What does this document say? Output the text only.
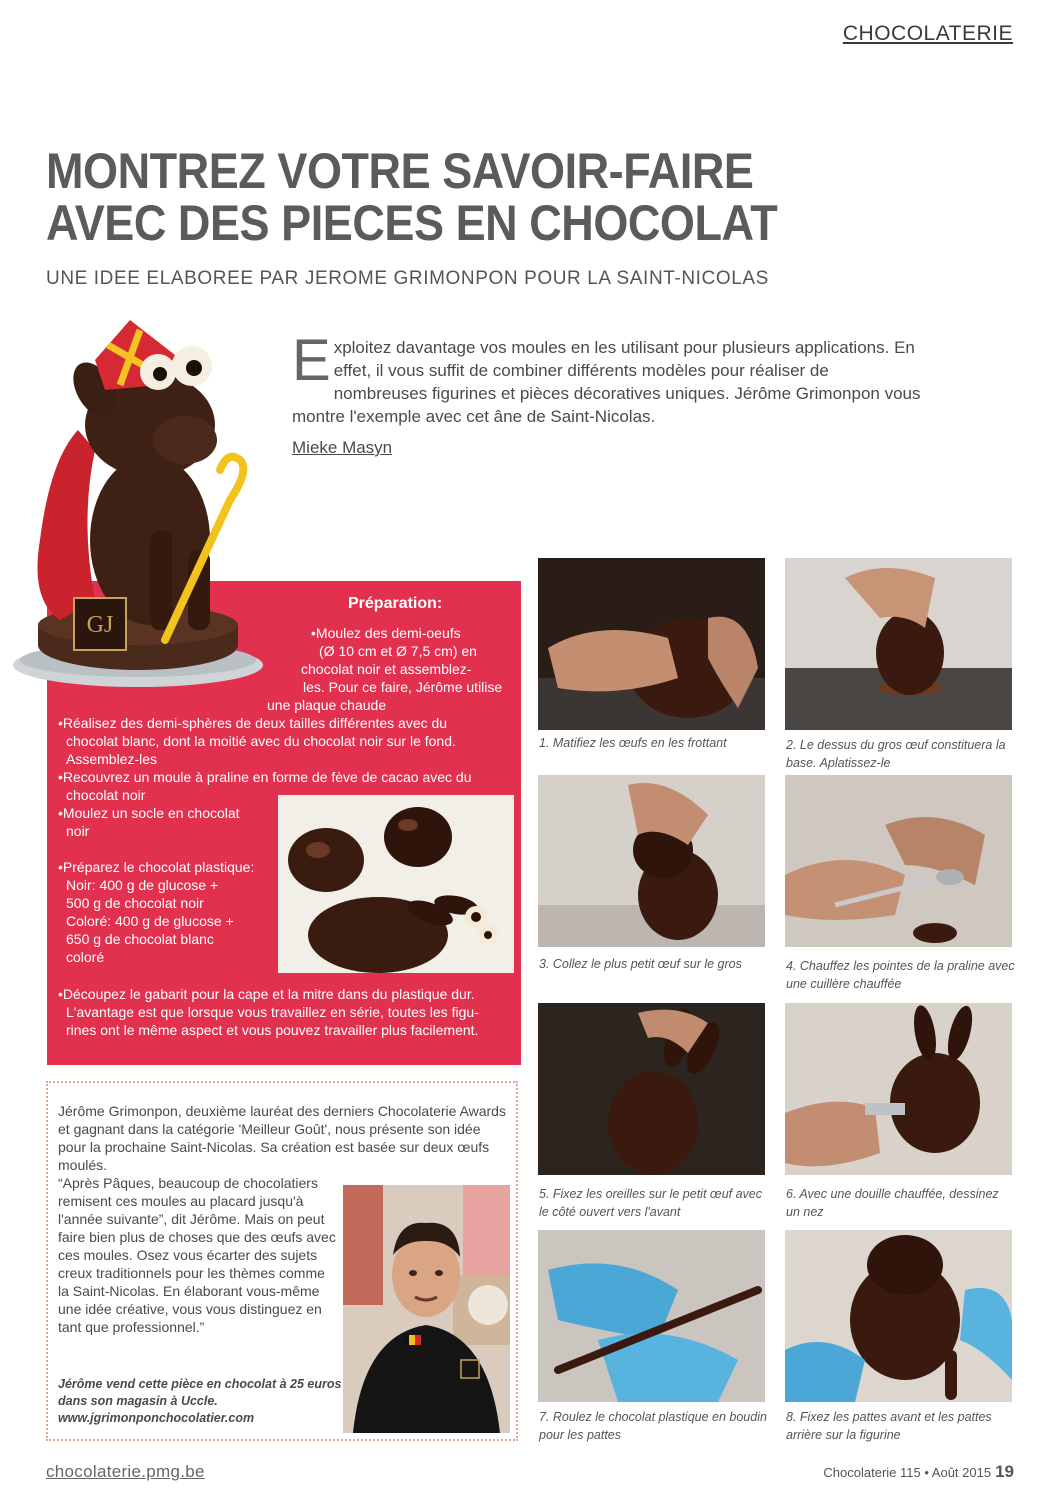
CHOCOLATERIE
MONTREZ VOTRE SAVOIR-FAIRE
AVEC DES PIECES EN CHOCOLAT
UNE IDEE ELABOREE PAR JEROME GRIMONPON POUR LA SAINT-NICOLAS
Exploitez davantage vos moules en les utilisant pour plusieurs applications. En effet, il vous suffit de combiner différents modèles pour réaliser de nombreuses figurines et pièces décoratives uniques. Jérôme Grimonpon vous montre l'exemple avec cet âne de Saint-Nicolas.
Mieke Masyn
GJ
Préparation:
•Moulez des demi-oeufs
(Ø 10 cm et Ø 7,5 cm) en
chocolat noir et assemblez-
les. Pour ce faire, Jérôme utilise
une plaque chaude
•Réalisez des demi-sphères de deux tailles différentes avec du
chocolat blanc, dont la moitié avec du chocolat noir sur le fond.
Assemblez-les
•Recouvrez un moule à praline en forme de fève de cacao avec du
chocolat noir
•Moulez un socle en chocolat
noir
•Préparez le chocolat plastique:
Noir: 400 g de glucose +
500 g de chocolat noir
Coloré: 400 g de glucose +
650 g de chocolat blanc
coloré
•Découpez le gabarit pour la cape et la mitre dans du plastique dur.
L'avantage est que lorsque vous travaillez en série, toutes les figu-
rines ont le même aspect et vous pouvez travailler plus facilement.
Jérôme Grimonpon, deuxième lauréat des derniers Chocolaterie Awards et gagnant dans la catégorie 'Meilleur Goût', nous présente son idée pour la prochaine Saint-Nicolas. Sa création est basée sur deux œufs moulés.
“Après Pâques, beaucoup de chocolatiers remisent ces moules au placard jusqu'à l'année suivante”, dit Jérôme. Mais on peut faire bien plus de choses que des œufs avec ces moules. Osez vous écarter des sujets creux traditionnels pour les thèmes comme la Saint-Nicolas. En élaborant vous-même une idée créative, vous vous distinguez en tant que professionnel.”
Jérôme vend cette pièce en chocolat à 25 euros
dans son magasin à Uccle.
www.jgrimonponchocolatier.com
1. Matifiez les œufs en les frottant	2. Le dessus du gros œuf constituera la base. Aplatissez-le
3. Collez le plus petit œuf sur le gros	4. Chauffez les pointes de la praline avec une cuillère chauffée
5. Fixez les oreilles sur le petit œuf avec le côté ouvert vers l'avant
6. Avec une douille chauffée, dessinez un nez
7. Roulez le chocolat plastique en boudin pour les pattes
8. Fixez les pattes avant et les pattes arrière sur la figurine
chocolaterie.pmg.be	Chocolaterie 115 • Août 2015 19
